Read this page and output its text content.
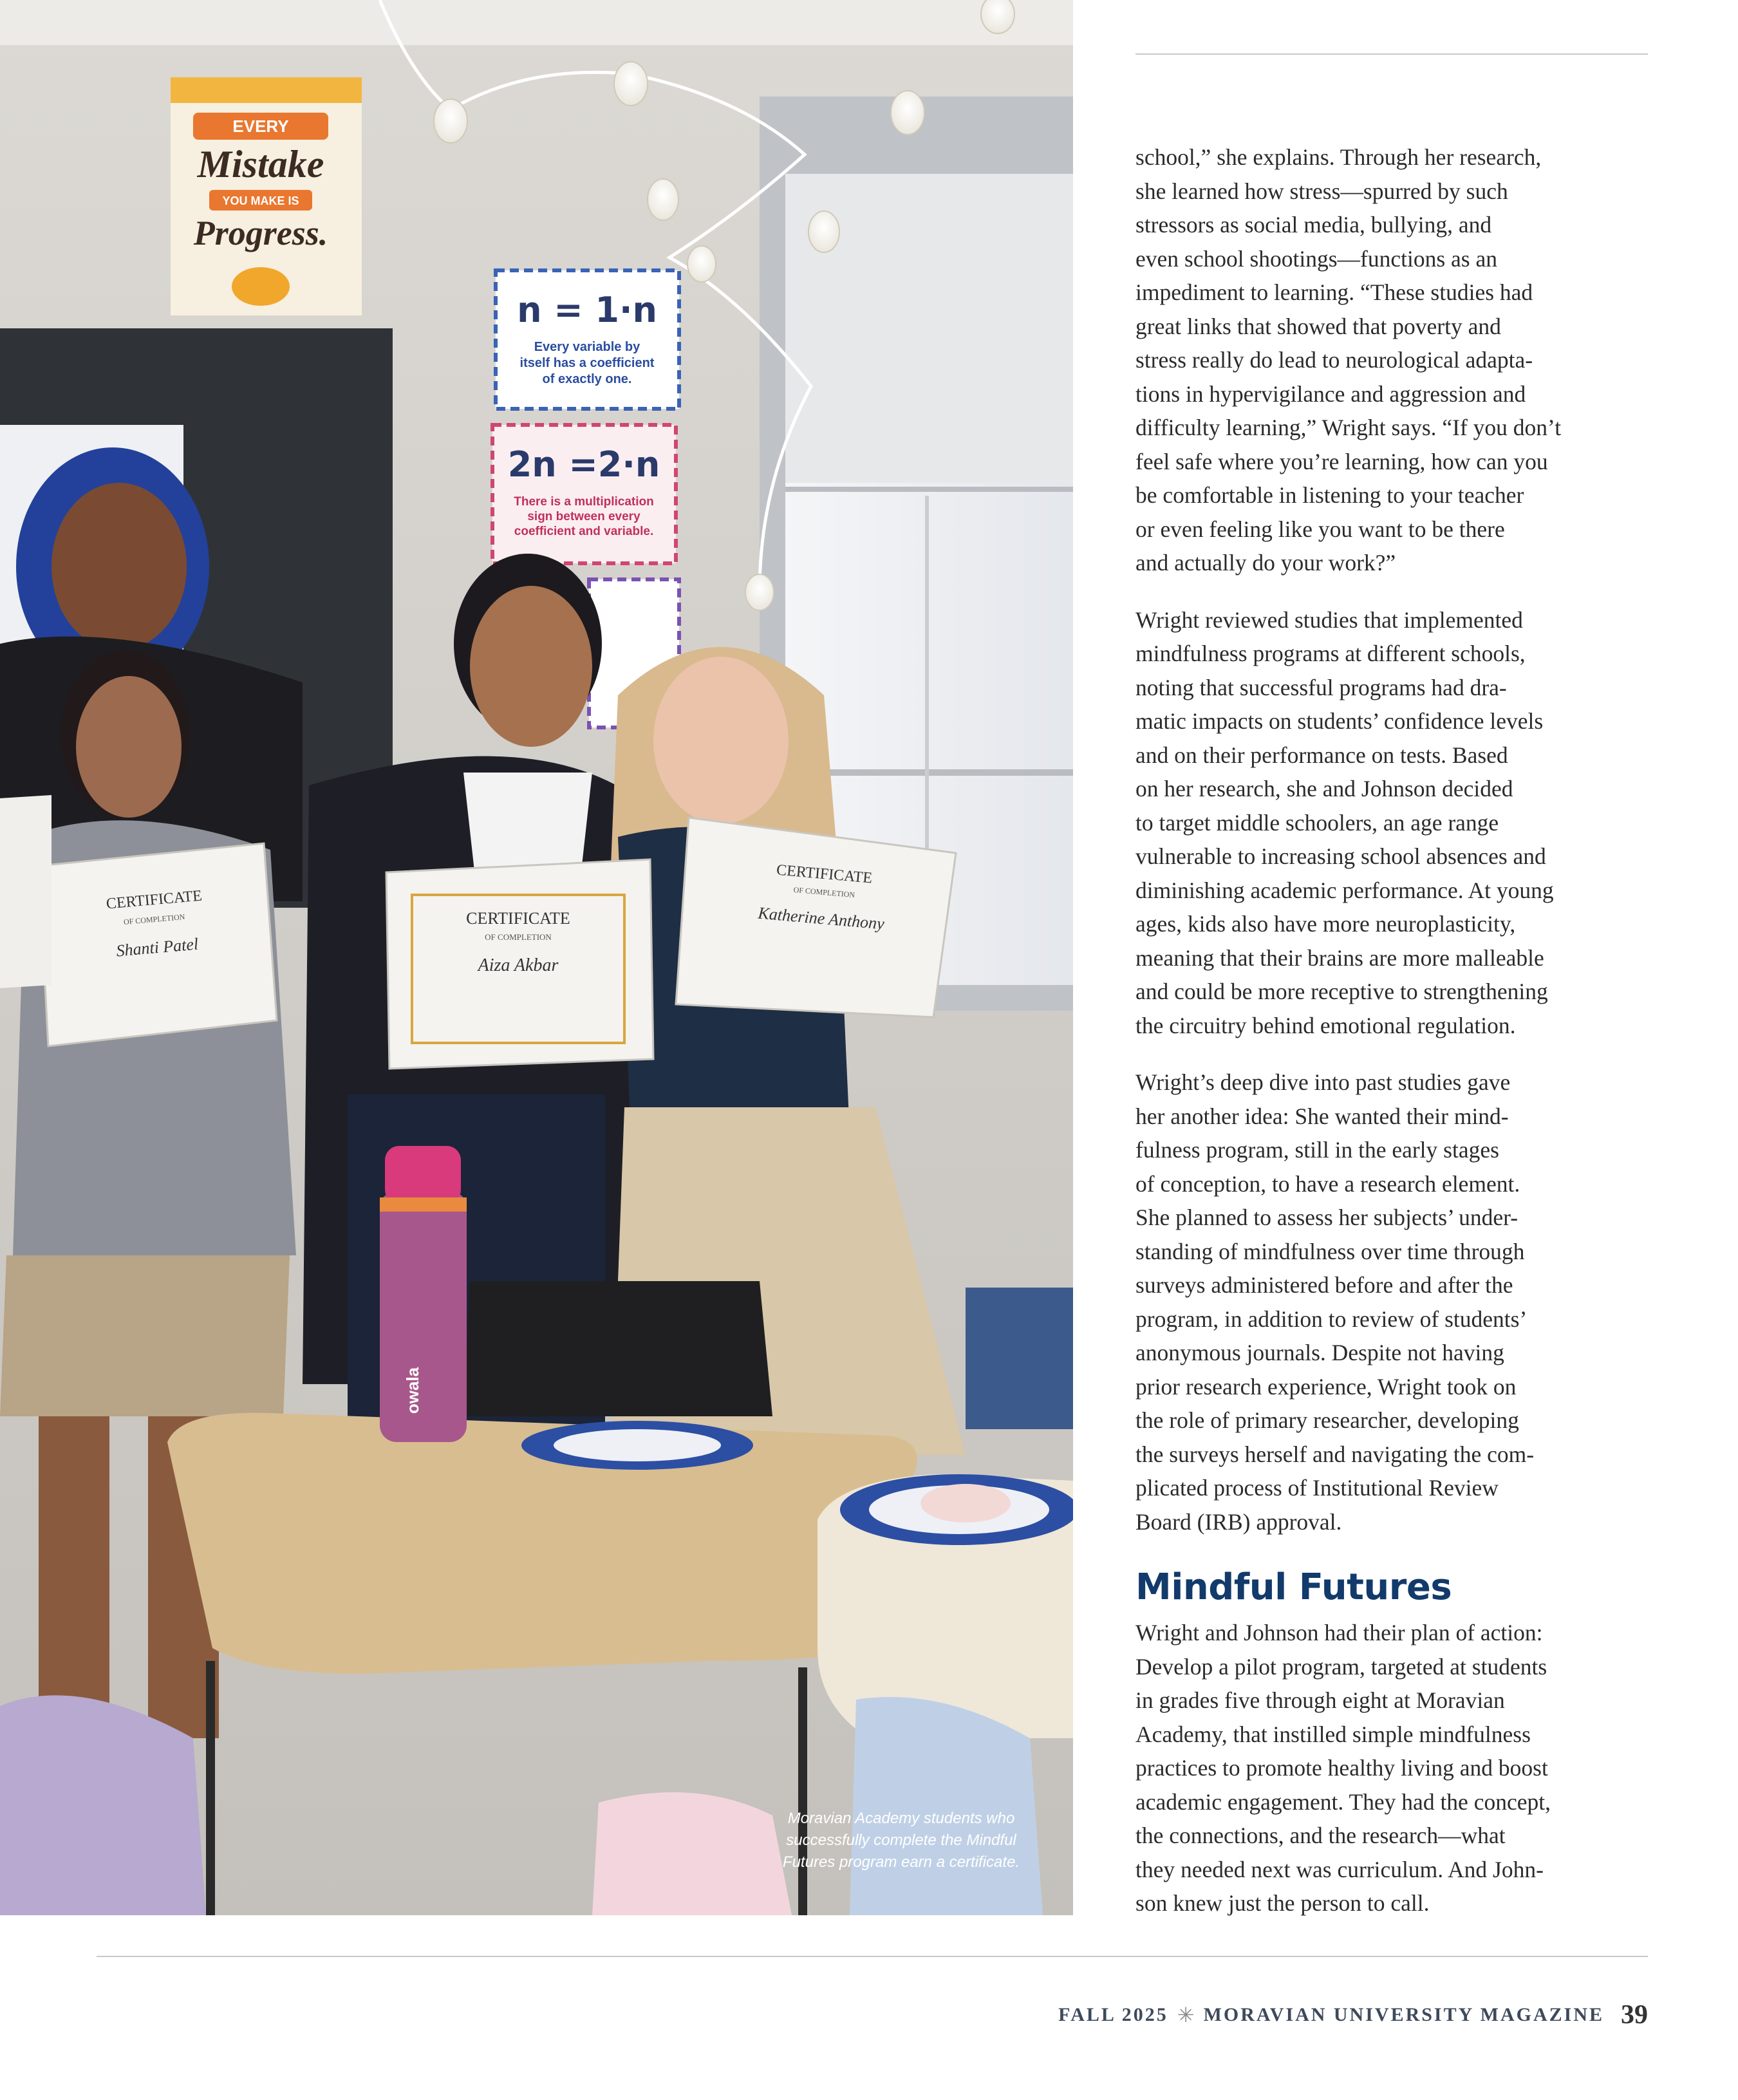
EVERY
Mistake
YOU MAKE IS
Progress.
n = 1·n
Every variable by
itself has a coefficient
of exactly one.
2n =2·n
There is a multiplication
sign between every
coefficient and variable.
CERTIFICATE
OF COMPLETION
Shanti Patel
CERTIFICATE
OF COMPLETION
Aiza Akbar
CERTIFICATE
OF COMPLETION
Katherine Anthony
owala
Moravian Academy students who
successfully complete the Mindful
Futures program earn a certificate.

school,” she explains. Through her research,
she learned how stress—spurred by such
stressors as social media, bullying, and
even school shootings—functions as an
impediment to learning. “These studies had
great links that showed that poverty and
stress really do lead to neurological adapta-
tions in hypervigilance and aggression and
difficulty learning,” Wright says. “If you don’t
feel safe where you’re learning, how can you
be comfortable in listening to your teacher
or even feeling like you want to be there
and actually do your work?”

Wright reviewed studies that implemented
mindfulness programs at different schools,
noting that successful programs had dra-
matic impacts on students’ confidence levels
and on their performance on tests. Based
on her research, she and Johnson decided
to target middle schoolers, an age range
vulnerable to increasing school absences and
diminishing academic performance. At young
ages, kids also have more neuroplasticity,
meaning that their brains are more malleable
and could be more receptive to strengthening
the circuitry behind emotional regulation.

Wright’s deep dive into past studies gave
her another idea: She wanted their mind-
fulness program, still in the early stages
of conception, to have a research element.
She planned to assess her subjects’ under-
standing of mindfulness over time through
surveys administered before and after the
program, in addition to review of students’
anonymous journals. Despite not having
prior research experience, Wright took on
the role of primary researcher, developing
the surveys herself and navigating the com-
plicated process of Institutional Review
Board (IRB) approval.

Mindful Futures

Wright and Johnson had their plan of action:
Develop a pilot program, targeted at students
in grades five through eight at Moravian
Academy, that instilled simple mindfulness
practices to promote healthy living and boost
academic engagement. They had the concept,
the connections, and the research—what
they needed next was curriculum. And John-
son knew just the person to call.

FALL 2025 ✳ MORAVIAN UNIVERSITY MAGAZINE 39
